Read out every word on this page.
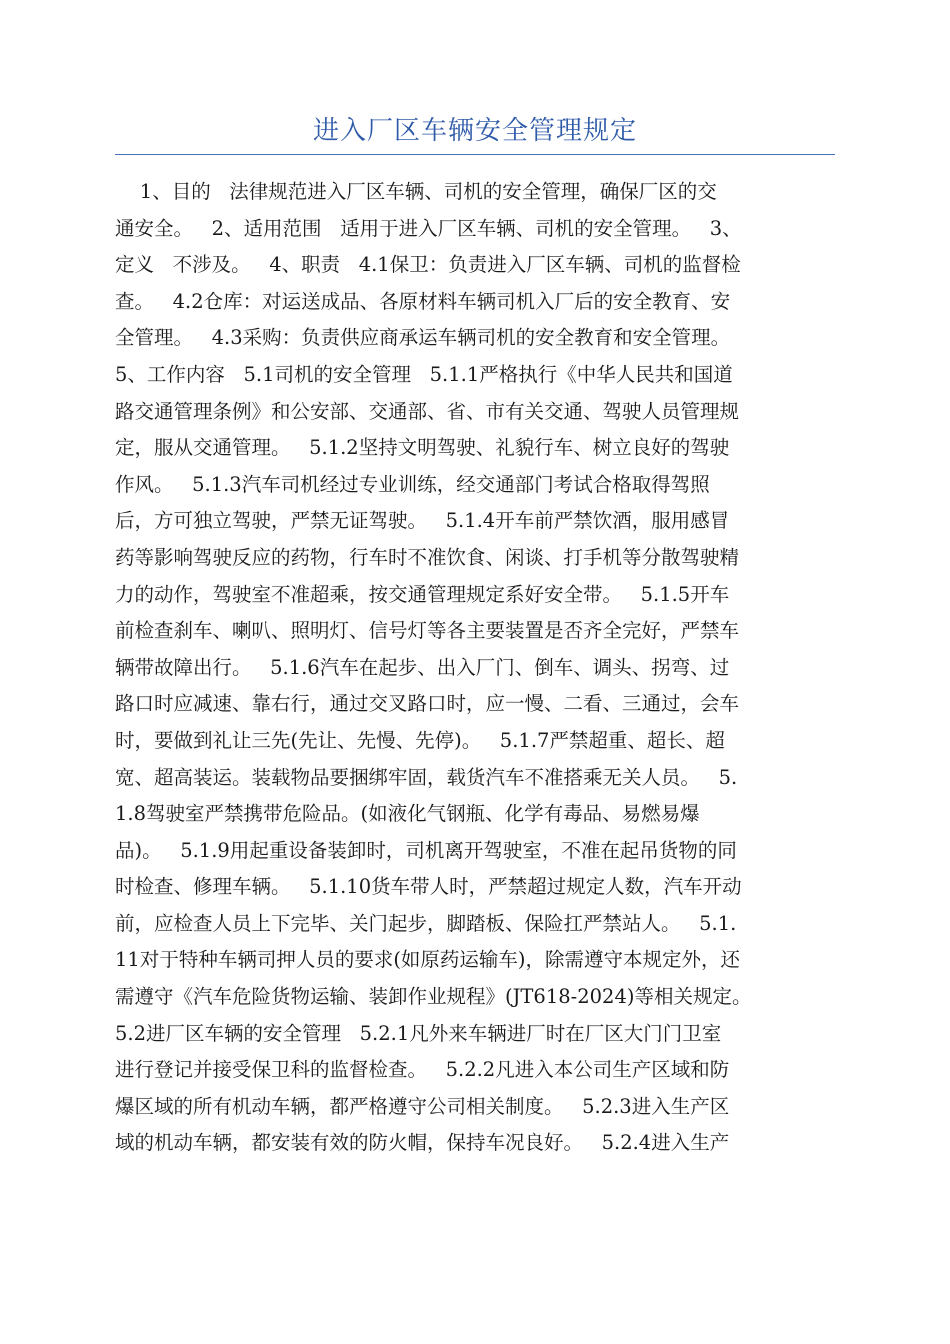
进入厂区车辆安全管理规定
1、目的   法律规范进入厂区车辆、司机的安全管理，确保厂区的交
通安全。   2、适用范围   适用于进入厂区车辆、司机的安全管理。   3、
定义   不涉及。   4、职责   4.1保卫：负责进入厂区车辆、司机的监督检
查。   4.2仓库：对运送成品、各原材料车辆司机入厂后的安全教育、安
全管理。   4.3采购：负责供应商承运车辆司机的安全教育和安全管理。
5、工作内容   5.1司机的安全管理   5.1.1严格执行《中华人民共和国道
路交通管理条例》和公安部、交通部、省、市有关交通、驾驶人员管理规
定，服从交通管理。   5.1.2坚持文明驾驶、礼貌行车、树立良好的驾驶
作风。   5.1.3汽车司机经过专业训练，经交通部门考试合格取得驾照
后，方可独立驾驶，严禁无证驾驶。   5.1.4开车前严禁饮酒，服用感冒
药等影响驾驶反应的药物，行车时不准饮食、闲谈、打手机等分散驾驶精
力的动作，驾驶室不准超乘，按交通管理规定系好安全带。   5.1.5开车
前检查刹车、喇叭、照明灯、信号灯等各主要装置是否齐全完好，严禁车
辆带故障出行。   5.1.6汽车在起步、出入厂门、倒车、调头、拐弯、过
路口时应减速、靠右行，通过交叉路口时，应一慢、二看、三通过，会车
时，要做到礼让三先(先让、先慢、先停)。   5.1.7严禁超重、超长、超
宽、超高装运。装载物品要捆绑牢固，载货汽车不准搭乘无关人员。   5.
1.8驾驶室严禁携带危险品。(如液化气钢瓶、化学有毒品、易燃易爆
品)。   5.1.9用起重设备装卸时，司机离开驾驶室，不准在起吊货物的同
时检查、修理车辆。   5.1.10货车带人时，严禁超过规定人数，汽车开动
前，应检查人员上下完毕、关门起步，脚踏板、保险扛严禁站人。   5.1.
11对于特种车辆司押人员的要求(如原药运输车)，除需遵守本规定外，还
需遵守《汽车危险货物运输、装卸作业规程》(JT618-2024)等相关规定。
5.2进厂区车辆的安全管理   5.2.1凡外来车辆进厂时在厂区大门门卫室
进行登记并接受保卫科的监督检查。   5.2.2凡进入本公司生产区域和防
爆区域的所有机动车辆，都严格遵守公司相关制度。   5.2.3进入生产区
域的机动车辆，都安装有效的防火帽，保持车况良好。   5.2.4进入生产
